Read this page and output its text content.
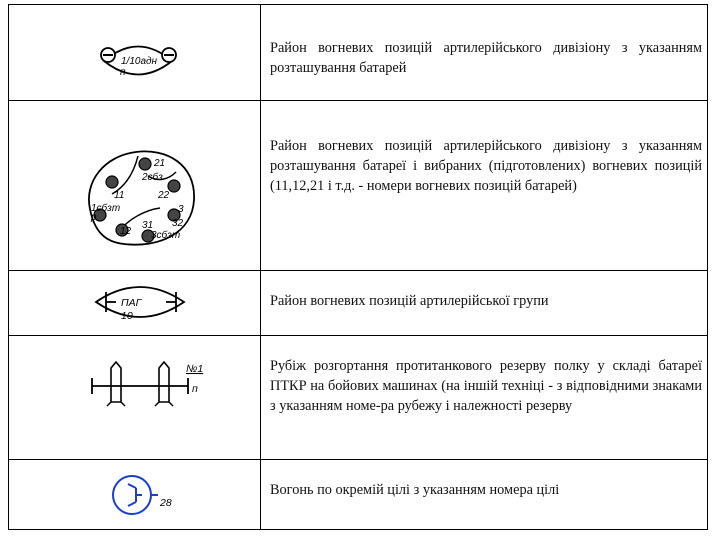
Район вогневих позицій артилерійського дивізіону з указанням розташування батарей

Район вогневих позицій артилерійського дивізіону з указанням розташування батареї і вибраних (підготовлених) вогневих позицій (11,12,21 і т.д. - номери вогневих позицій батарей)

Район вогневих позицій артилерійської групи

Рубіж розгортання протитанкового резерву полку у складі батареї ПТКР на бойових машинах (на іншій техніці - з відповідними знаками з указанням номе-ра рубежу і належності резерву

Вогонь по окремій цілі з указанням номера цілі

1/10адн
п
21
2сбз
22
11
1сбзт	3
31
12
32
3сбзт
р
ПАГ
10
№1
п
28
